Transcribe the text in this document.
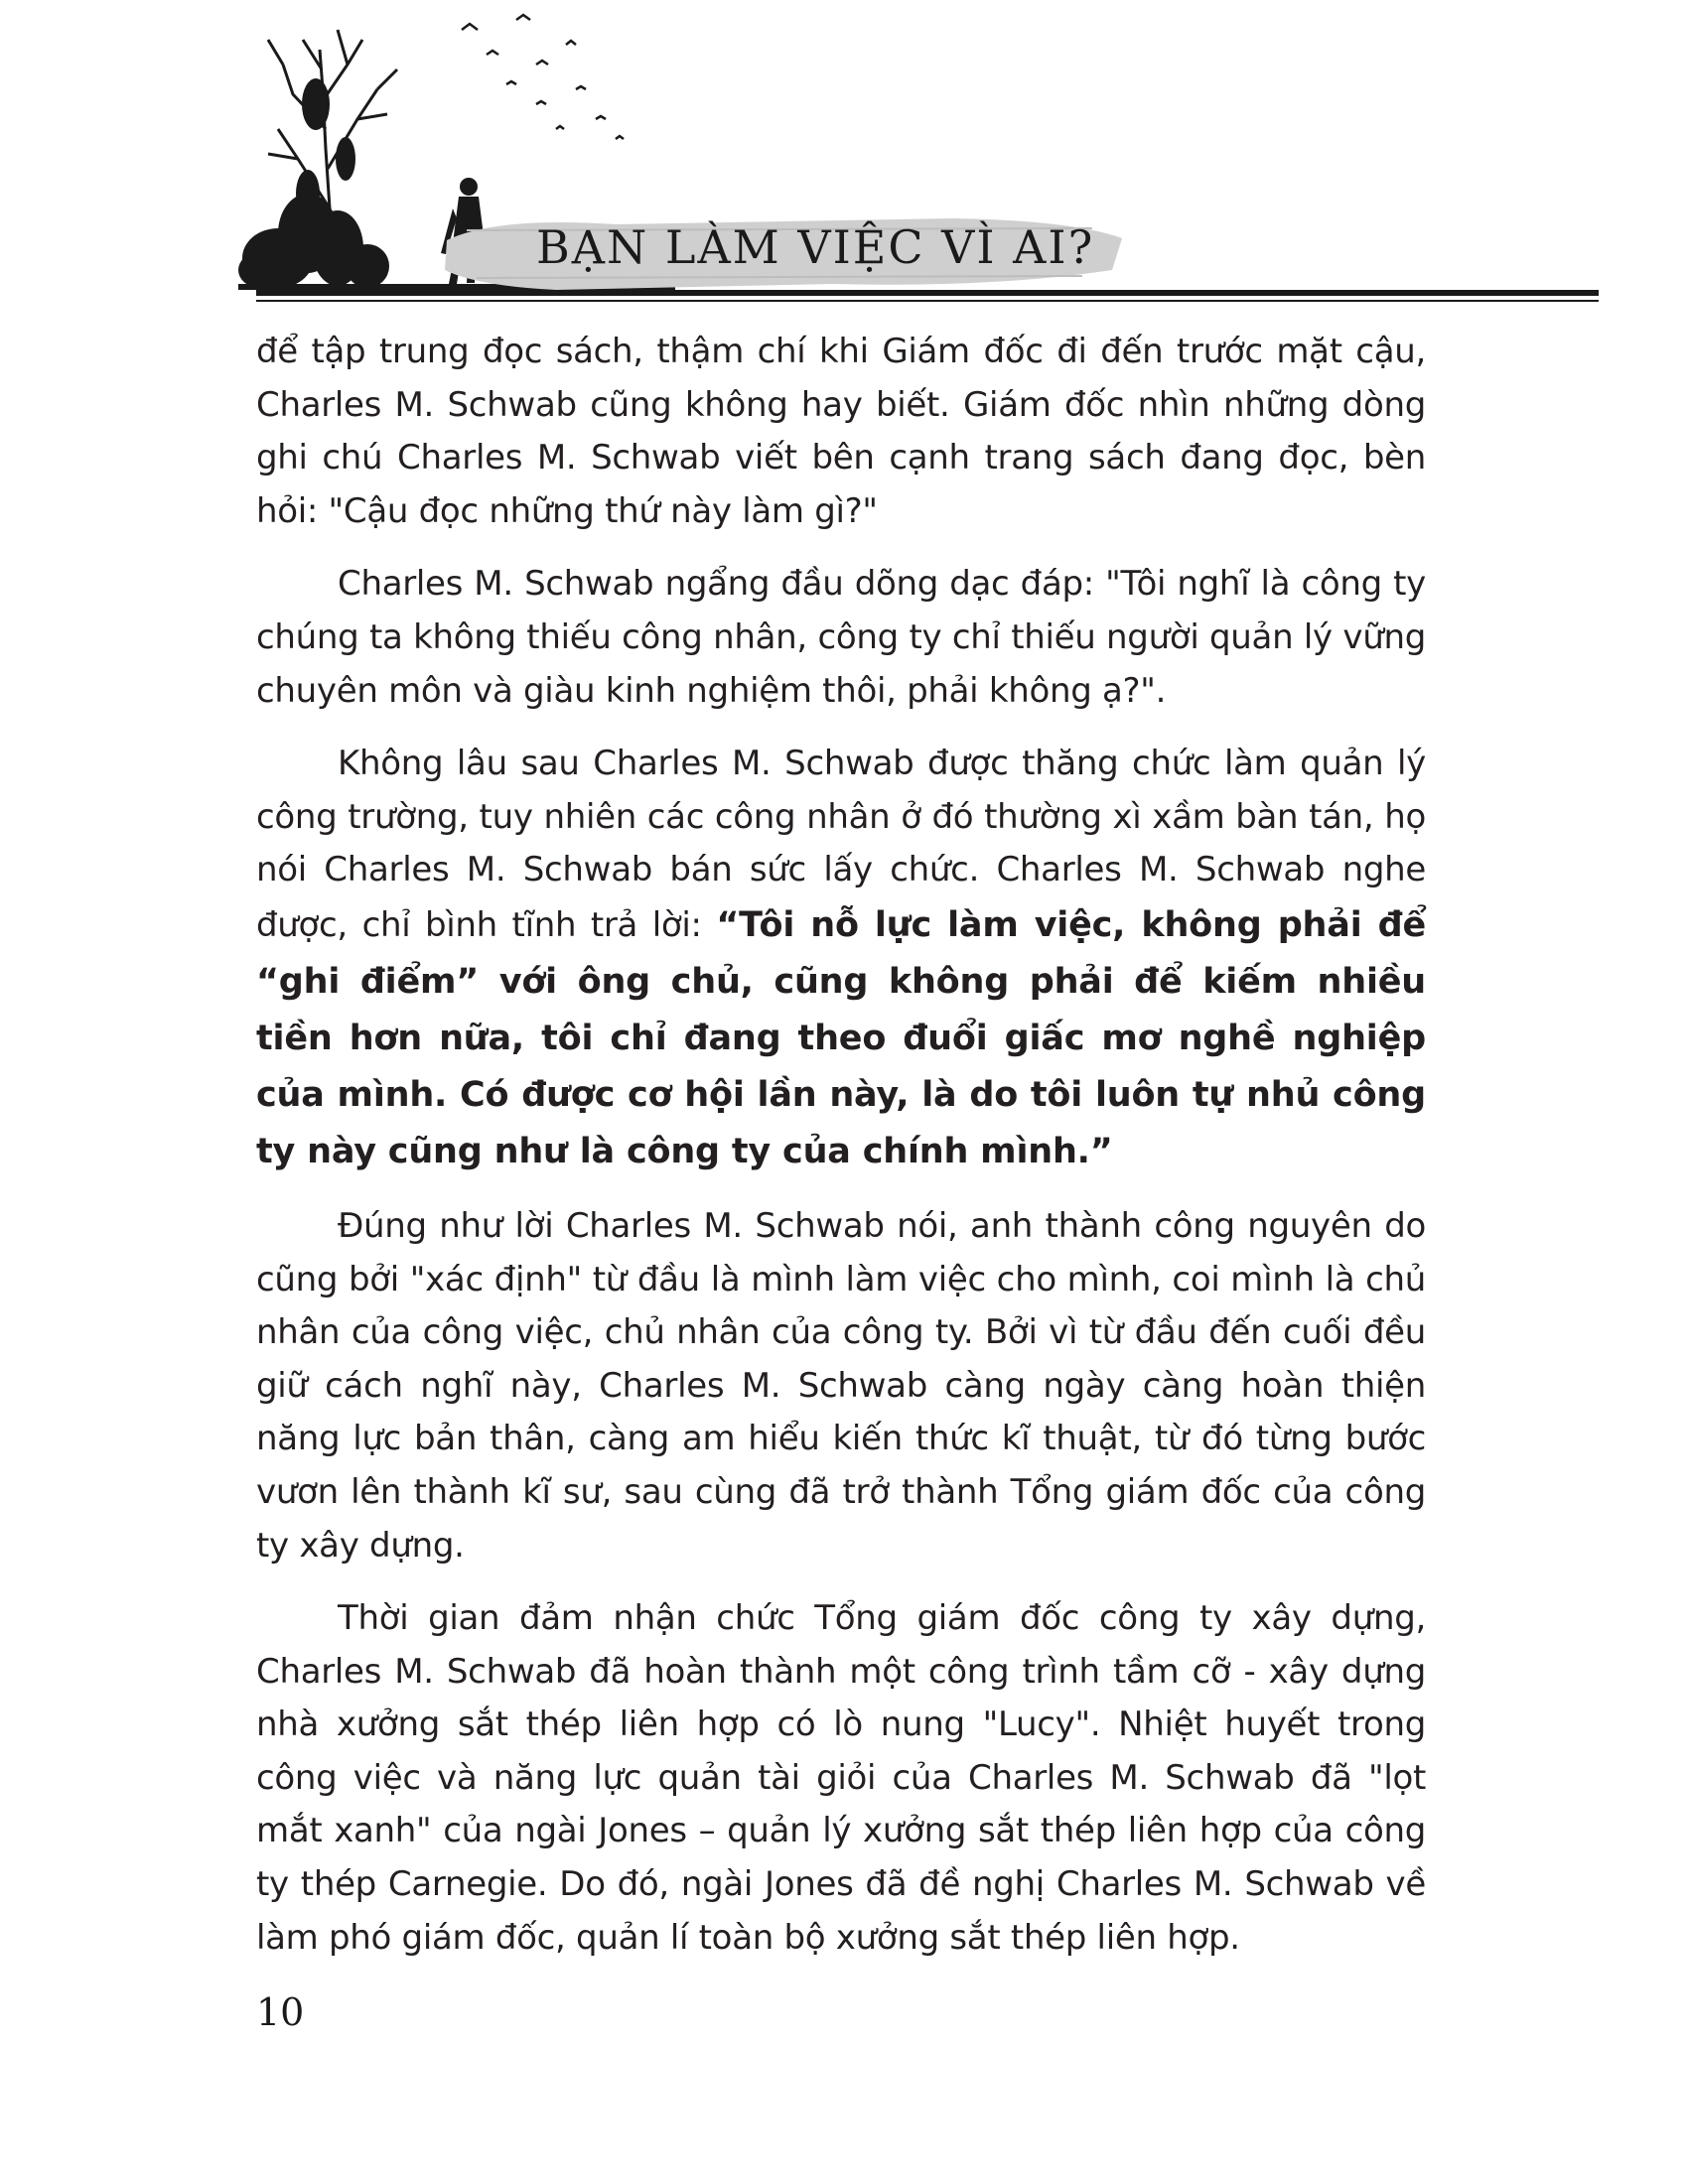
BẠN LÀM VIỆC VÌ AI?

để tập trung đọc sách, thậm chí khi Giám đốc đi đến trước mặt cậu, Charles M. Schwab cũng không hay biết. Giám đốc nhìn những dòng ghi chú Charles M. Schwab viết bên cạnh trang sách đang đọc, bèn hỏi: "Cậu đọc những thứ này làm gì?"

Charles M. Schwab ngẩng đầu dõng dạc đáp: "Tôi nghĩ là công ty chúng ta không thiếu công nhân, công ty chỉ thiếu người quản lý vững chuyên môn và giàu kinh nghiệm thôi, phải không ạ?".

Không lâu sau Charles M. Schwab được thăng chức làm quản lý công trường, tuy nhiên các công nhân ở đó thường xì xầm bàn tán, họ nói Charles M. Schwab bán sức lấy chức. Charles M. Schwab nghe được, chỉ bình tĩnh trả lời: “Tôi nỗ lực làm việc, không phải để “ghi điểm” với ông chủ, cũng không phải để kiếm nhiều tiền hơn nữa, tôi chỉ đang theo đuổi giấc mơ nghề nghiệp của mình. Có được cơ hội lần này, là do tôi luôn tự nhủ công ty này cũng như là công ty của chính mình.”

Đúng như lời Charles M. Schwab nói, anh thành công nguyên do cũng bởi "xác định" từ đầu là mình làm việc cho mình, coi mình là chủ nhân của công việc, chủ nhân của công ty. Bởi vì từ đầu đến cuối đều giữ cách nghĩ này, Charles M. Schwab càng ngày càng hoàn thiện năng lực bản thân, càng am hiểu kiến thức kĩ thuật, từ đó từng bước vươn lên thành kĩ sư, sau cùng đã trở thành Tổng giám đốc của công ty xây dựng.

Thời gian đảm nhận chức Tổng giám đốc công ty xây dựng, Charles M. Schwab đã hoàn thành một công trình tầm cỡ - xây dựng nhà xưởng sắt thép liên hợp có lò nung "Lucy". Nhiệt huyết trong công việc và năng lực quản tài giỏi của Charles M. Schwab đã "lọt mắt xanh" của ngài Jones – quản lý xưởng sắt thép liên hợp của công ty thép Carnegie. Do đó, ngài Jones đã đề nghị Charles M. Schwab về làm phó giám đốc, quản lí toàn bộ xưởng sắt thép liên hợp.

10
